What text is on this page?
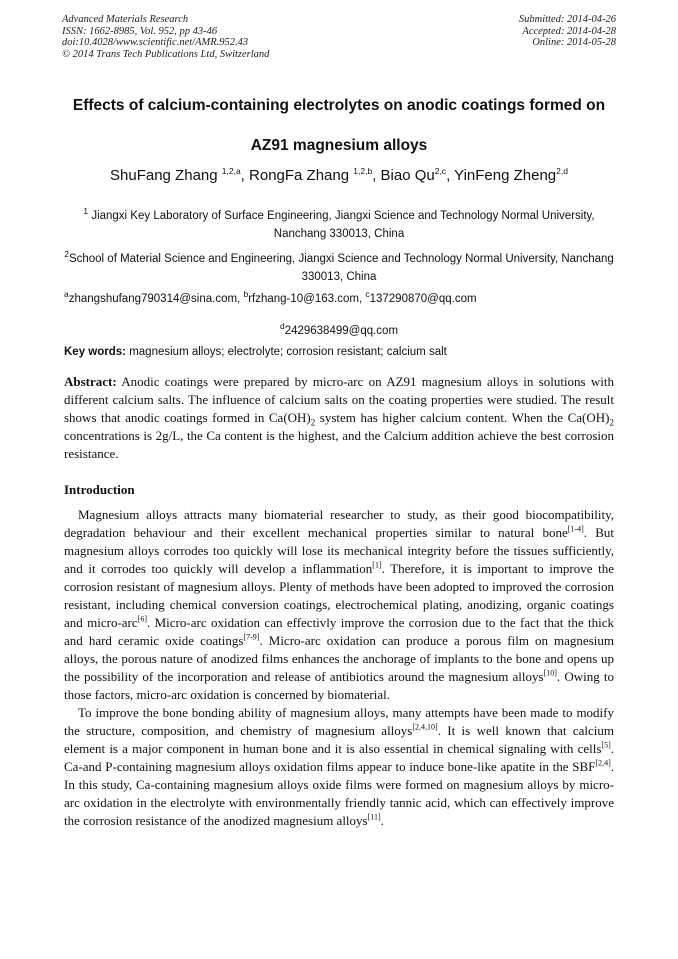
Advanced Materials Research
ISSN: 1662-8985, Vol. 952, pp 43-46
doi:10.4028/www.scientific.net/AMR.952.43
© 2014 Trans Tech Publications Ltd, Switzerland
Submitted: 2014-04-26
Accepted: 2014-04-28
Online: 2014-05-28
Effects of calcium-containing electrolytes on anodic coatings formed on
AZ91 magnesium alloys
ShuFang Zhang $^{1,2,a}$, RongFa Zhang $^{1,2,b}$, Biao Qu$^{2,c}$, YinFeng Zheng$^{2,d}$
$^1$ Jiangxi Key Laboratory of Surface Engineering, Jiangxi Science and Technology Normal University, Nanchang 330013, China
$^2$School of Material Science and Engineering, Jiangxi Science and Technology Normal University, Nanchang 330013, China
$^a$zhangshufang790314@sina.com, $^b$rfzhang-10@163.com, $^c$137290870@qq.com
$^d$2429638499@qq.com
Key words: magnesium alloys; electrolyte; corrosion resistant; calcium salt
Abstract: Anodic coatings were prepared by micro-arc on AZ91 magnesium alloys in solutions with different calcium salts. The influence of calcium salts on the coating properties were studied. The result shows that anodic coatings formed in $Ca(OH)_2$ system has higher calcium content. When the $Ca(OH)_2$ concentrations is 2g/L, the Ca content is the highest, and the Calcium addition achieve the best corrosion resistance.
Introduction

Magnesium alloys attracts many biomaterial researcher to study, as their good biocompatibility, degradation behaviour and their excellent mechanical properties similar to natural bone[1-4]. But magnesium alloys corrodes too quickly will lose its mechanical integrity before the tissues sufficiently, and it corrodes too quickly will develop a inflammation[1]. Therefore, it is important to improve the corrosion resistant of magnesium alloys. Plenty of methods have been adopted to improved the corrosion resistant, including chemical conversion coatings, electrochemical plating, anodizing, organic coatings and micro-arc[6]. Micro-arc oxidation can effectivly improve the corrosion due to the fact that the thick and hard ceramic oxide coatings[7-9]. Micro-arc oxidation can produce a porous film on magnesium alloys, the porous nature of anodized films enhances the anchorage of implants to the bone and opens up the possibility of the incorporation and release of antibiotics around the magnesium alloys[10]. Owing to those factors, micro-arc oxidation is concerned by biomaterial.

To improve the bone bonding ability of magnesium alloys, many attempts have been made to modify the structure, composition, and chemistry of magnesium alloys[2,4,10]. It is well known that calcium element is a major component in human bone and it is also essential in chemical signaling with cells[5]. Ca-and P-containing magnesium alloys oxidation films appear to induce bone-like apatite in the SBF[2,4]. In this study, Ca-containing magnesium alloys oxide films were formed on magnesium alloys by micro-arc oxidation in the electrolyte with environmentally friendly tannic acid, which can effectively improve the corrosion resistance of the anodized magnesium alloys[11].
